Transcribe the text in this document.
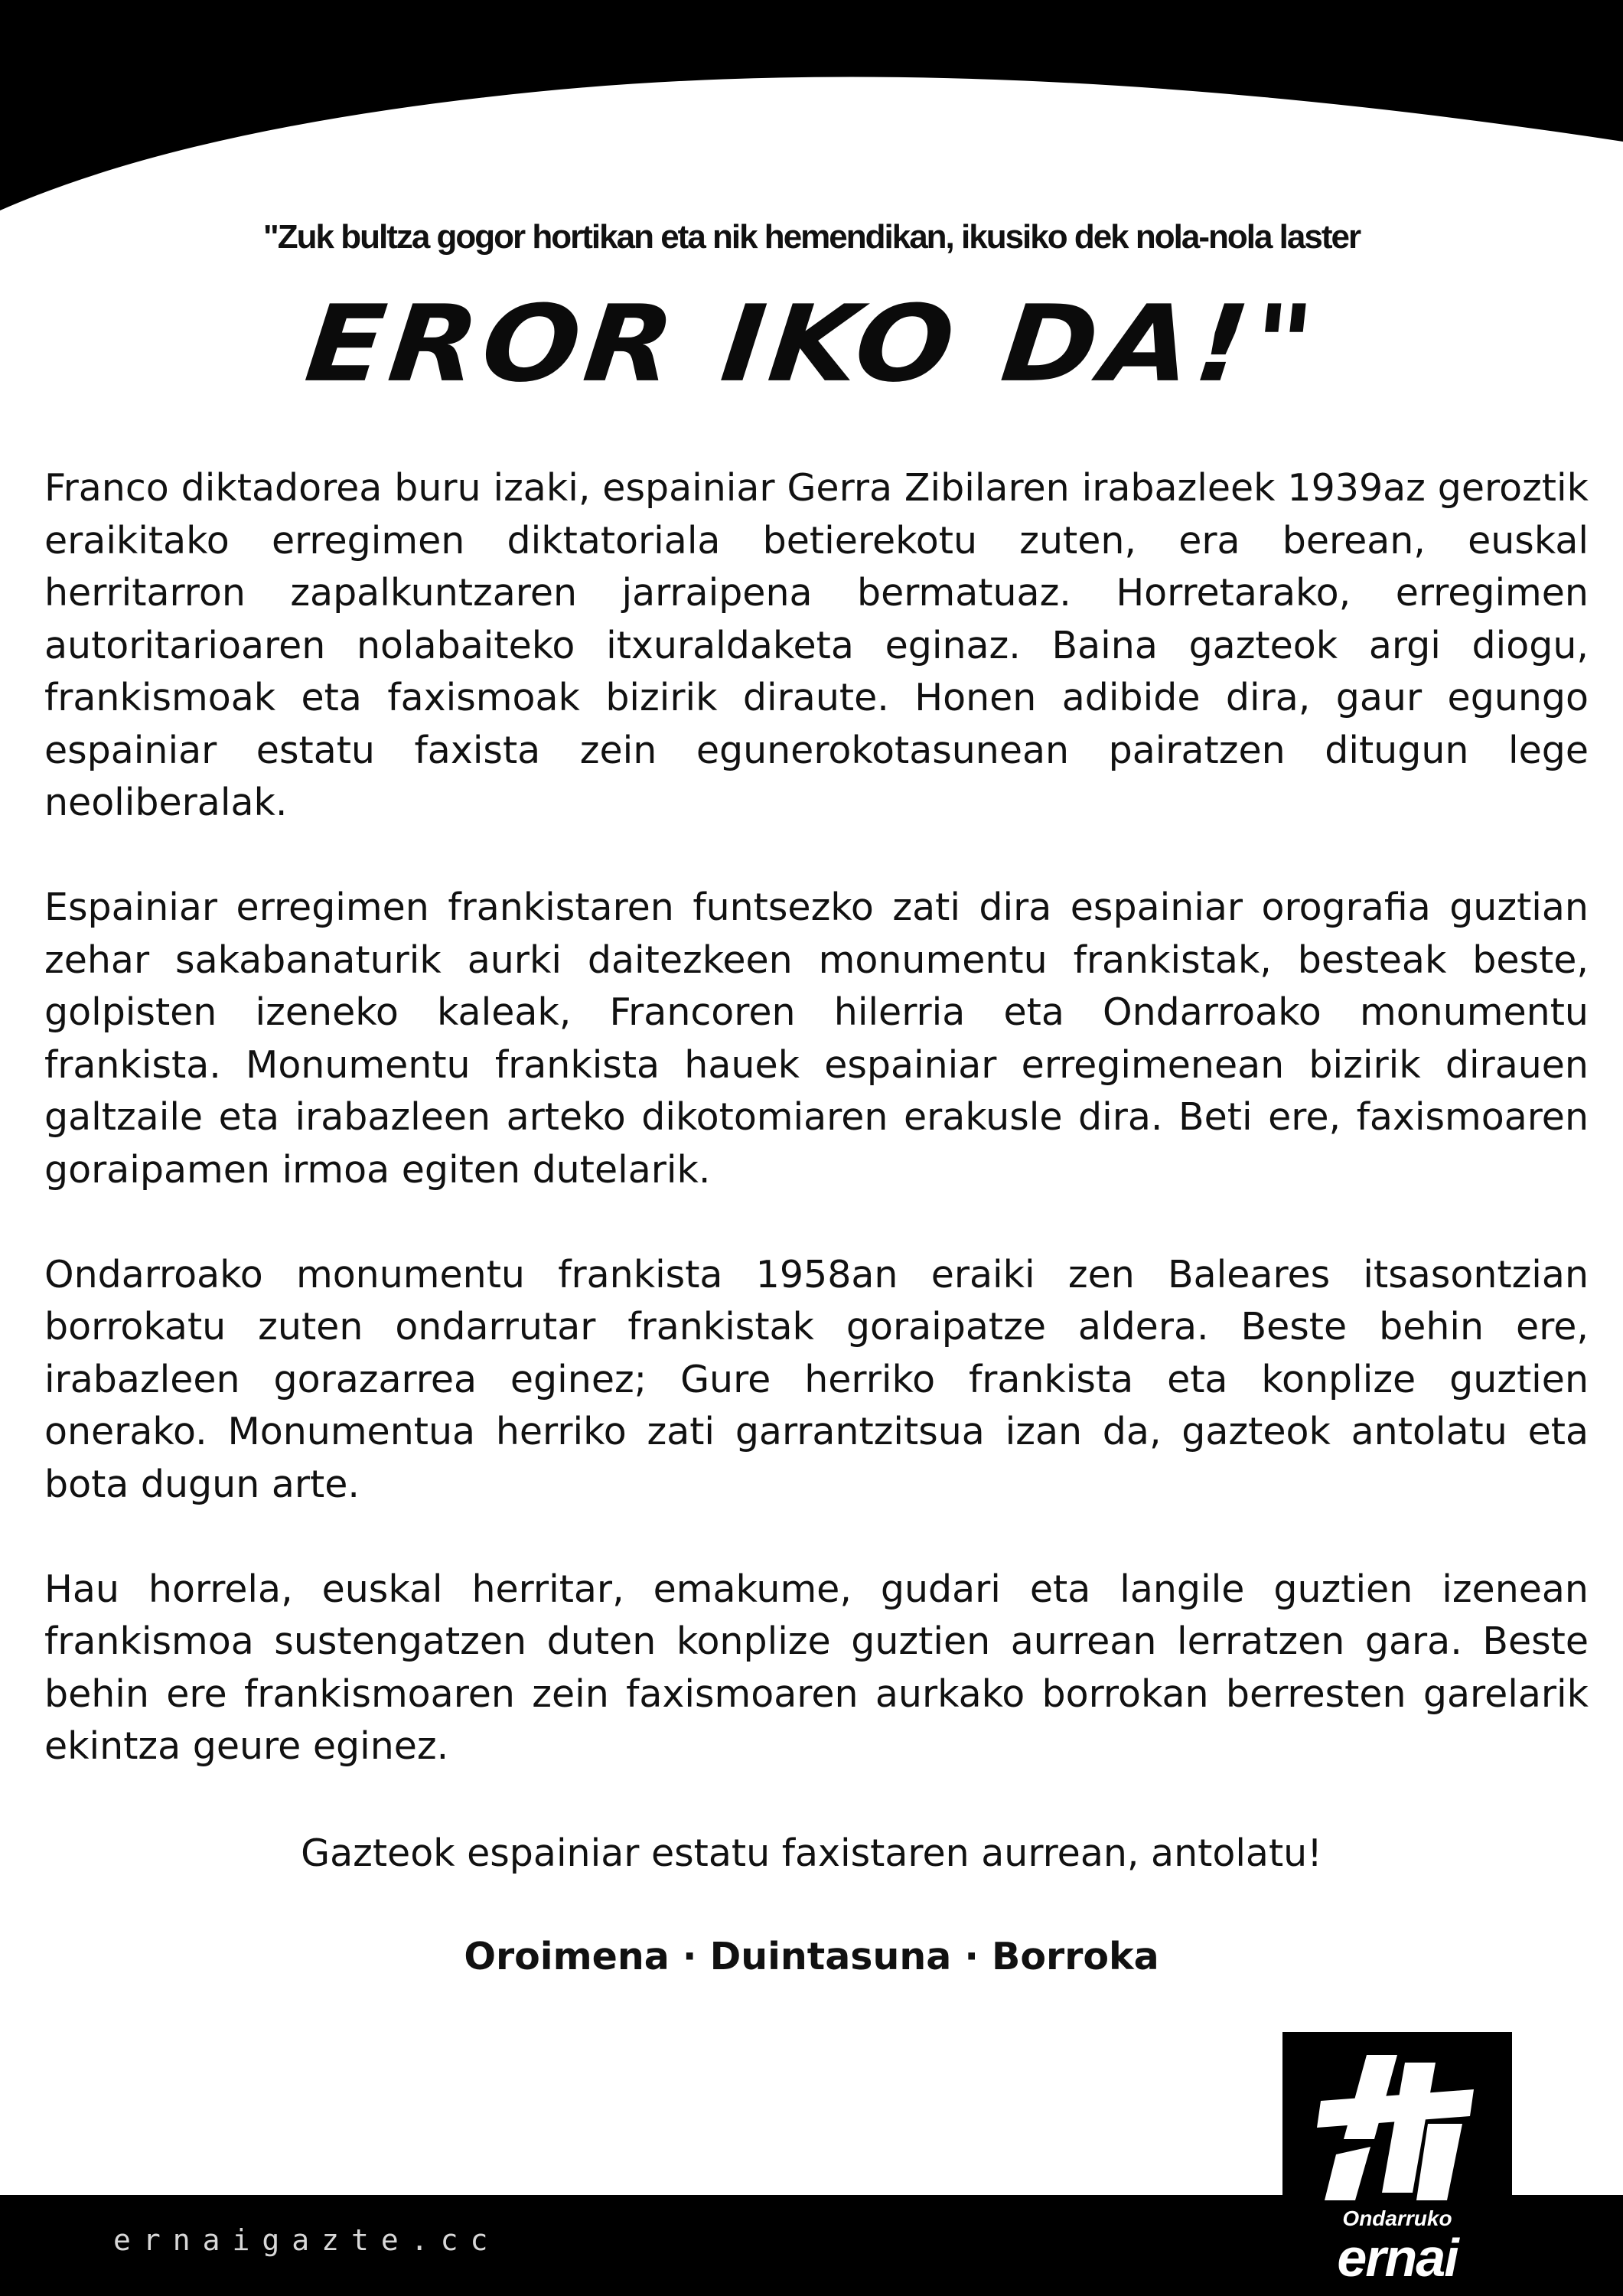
"Zuk bultza gogor hortikan eta nik hemendikan, ikusiko dek nola-nola laster
EROR IKO DA!"

Franco diktadorea buru izaki, espainiar Gerra Zibilaren irabazleek 1939az geroztik eraikitako erregimen diktatoriala betierekotu zuten, era berean, euskal herritarron zapalkuntzaren jarraipena bermatuaz. Horretarako, erregimen autoritarioaren nolabaiteko itxuraldaketa eginaz. Baina gazteok argi diogu, frankismoak eta faxismoak bizirik diraute. Honen adibide dira, gaur egungo espainiar estatu faxista zein egunerokotasunean pairatzen ditugun lege neoliberalak.

Espainiar erregimen frankistaren funtsezko zati dira espainiar orografia guztian zehar sakabanaturik aurki daitezkeen monumentu frankistak, besteak beste, golpisten izeneko kaleak, Francoren hilerria eta Ondarroako monumentu frankista. Monumentu frankista hauek espainiar erregimenean bizirik dirauen galtzaile eta irabazleen arteko dikotomiaren erakusle dira. Beti ere, faxismoaren goraipamen irmoa egiten dutelarik.

Ondarroako monumentu frankista 1958an eraiki zen Baleares itsasontzian borrokatu zuten ondarrutar frankistak goraipatze aldera. Beste behin ere, irabazleen gorazarrea eginez; Gure herriko frankista eta konplize guztien onerako. Monumentua herriko zati garrantzitsua izan da, gazteok antolatu eta bota dugun arte.

Hau horrela, euskal herritar, emakume, gudari eta langile guztien izenean frankismoa sustengatzen duten konplize guztien aurrean lerratzen gara. Beste behin ere frankismoaren zein faxismoaren aurkako borrokan berresten garelarik ekintza geure eginez.

Gazteok espainiar estatu faxistaren aurrean, antolatu!
Oroimena · Duintasuna · Borroka
ernaigazte.cc
Ondarruko
ernai
